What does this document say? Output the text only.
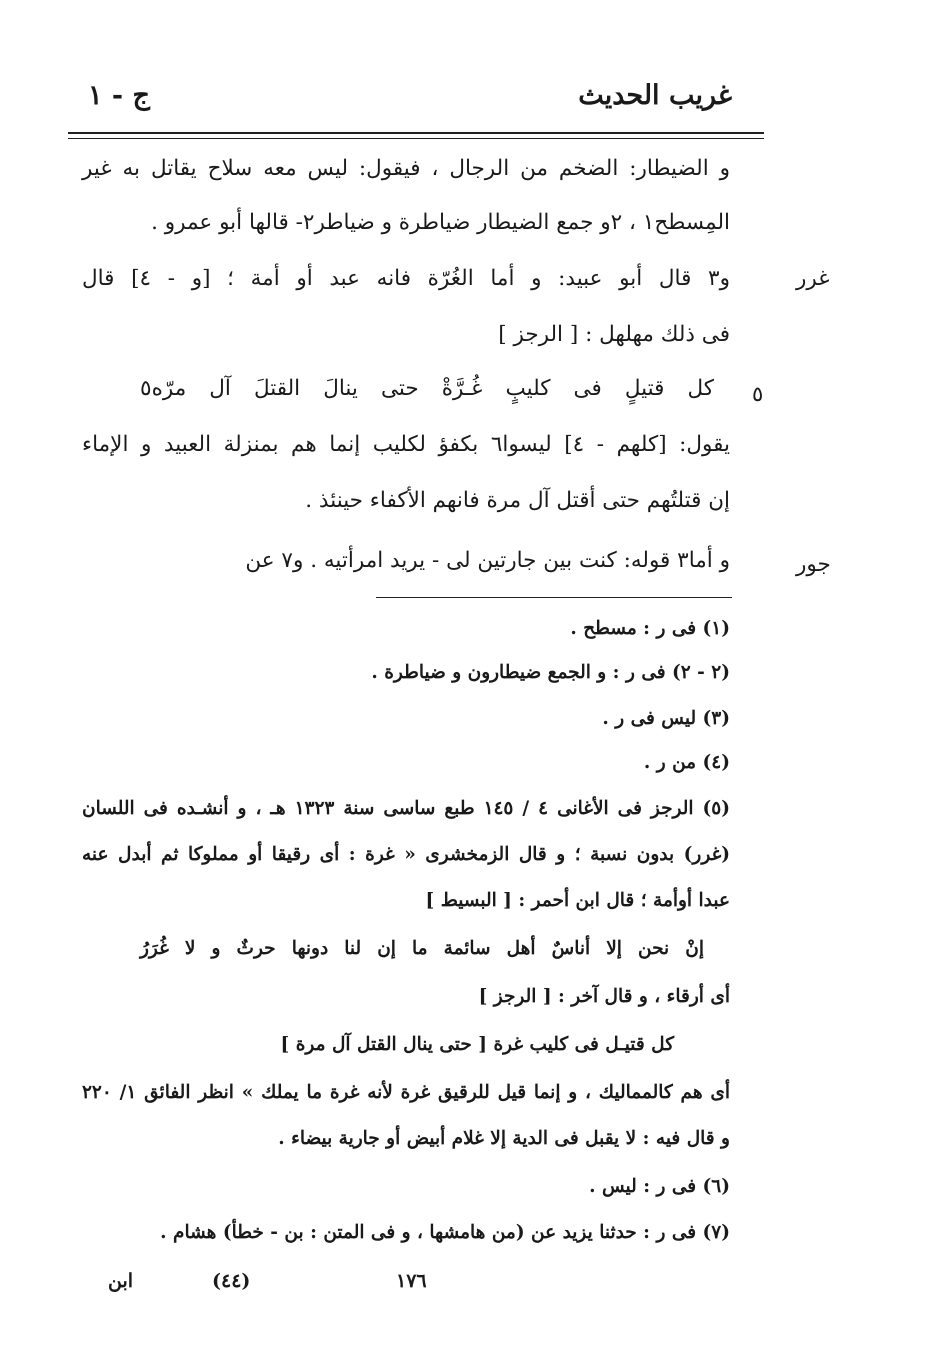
غريب الحديث
ج - ١
و الضيطار: الضخم من الرجال ، فيقول: ليس معه سلاح يقاتل به غير
المِسطح١ ، ٢و جمع الضيطار ضياطرة و ضياطر٢- قالها أبو عمرو .
و٣ قال أبو عبيد: و أما الغُرّة فانه عبد أو أمة ؛ [و - ٤] قال
فى ذلك مهلهل : [ الرجز ]
كل قتيلٍ فى كليبٍ غُـرَّةْ حتى ينالَ القتلَ آل مرّه٥
يقول: [كلهم - ٤] ليسوا٦ بكفؤ لكليب إنما هم بمنزلة العبيد و الإماء
إن قتلتُهم حتى أقتل آل مرة فانهم الأكفاء حينئذ .
و أما٣ قوله: كنت بين جارتين لى - يريد امرأتيه . و٧ عن
غرر
٥
جور
(١) فى ر : مسطح .
(٢ - ٢) فى ر : و الجمع ضيطارون و ضياطرة .
(٣) ليس فى ر .
(٤) من ر .
(٥) الرجز فى الأغانى ٤ / ١٤٥ طبع ساسى سنة ١٣٢٣ هـ ، و أنشـده فى اللسان
(غرر) بدون نسبة ؛ و قال الزمخشرى « غرة : أى رقيقا أو مملوكا ثم أبدل عنه
عبدا أوأمة ؛ قال ابن أحمر : [ البسيط ]
إنْ نحن إلا أناسٌ أهل سائمة ما إن لنا دونها حرثٌ و لا غُرَرُ
أى أرقاء ، و قال آخر : [ الرجز ]
كل قتيـل فى كليب غرة [ حتى ينال القتل آل مرة ]
أى هم كالمماليك ، و إنما قيل للرقيق غرة لأنه غرة ما يملك » انظر الفائق ١/ ٢٢٠
و قال فيه : لا يقبل فى الدية إلا غلام أبيض أو جارية بيضاء .
(٦) فى ر : ليس .
(٧) فى ر : حدثنا يزيد عن (من هامشها ، و فى المتن : بن - خطأ) هشام .
١٧٦
(٤٤)
ابن
